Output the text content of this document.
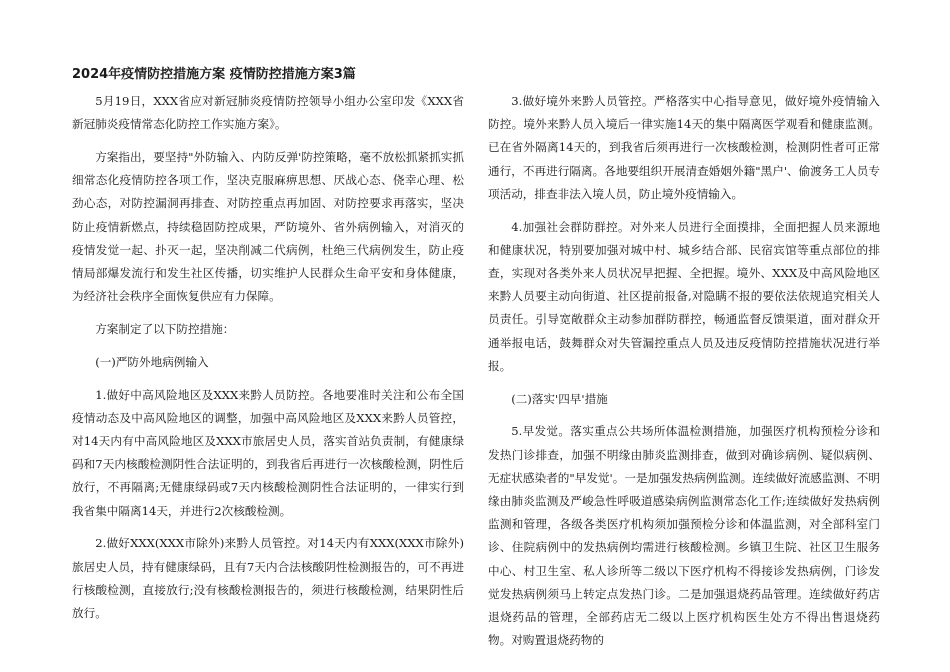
2024年疫情防控措施方案 疫情防控措施方案3篇

5月19日，XXX省应对新冠肺炎疫情防控领导小组办公室印发《XXX省新冠肺炎疫情常态化防控工作实施方案》。

方案指出，要坚持"外防输入、内防反弹'防控策略，毫不放松抓紧抓实抓细常态化疫情防控各项工作，坚决克服麻痹思想、厌战心态、侥幸心理、松劲心态，对防控漏洞再排查、对防控重点再加固、对防控要求再落实，坚决防止疫情新燃点，持续稳固防控成果，严防境外、省外病例输入，对消灭的疫情发觉一起、扑灭一起，坚决削减二代病例，杜绝三代病例发生，防止疫情局部爆发流行和发生社区传播，切实维护人民群众生命平安和身体健康，为经济社会秩序全面恢复供应有力保障。

方案制定了以下防控措施：

(一)严防外地病例输入

1.做好中高风险地区及XXX来黔人员防控。各地要准时关注和公布全国疫情动态及中高风险地区的调整，加强中高风险地区及XXX来黔人员管控，对14天内有中高风险地区及XXX市旅居史人员，落实首站负责制，有健康绿码和7天内核酸检测阴性合法证明的，到我省后再进行一次核酸检测，阴性后放行，不再隔离;无健康绿码或7天内核酸检测阴性合法证明的，一律实行到我省集中隔离14天，并进行2次核酸检测。

2.做好XXX(XXX市除外)来黔人员管控。对14天内有XXX(XXX市除外)旅居史人员，持有健康绿码，且有7天内合法核酸阴性检测报告的，可不再进行核酸检测，直接放行;没有核酸检测报告的，须进行核酸检测，结果阴性后放行。

3.做好境外来黔人员管控。严格落实中心指导意见，做好境外疫情输入防控。境外来黔人员入境后一律实施14天的集中隔离医学观看和健康监测。已在省外隔离14天的，到我省后须再进行一次核酸检测，检测阴性者可正常通行，不再进行隔离。各地要组织开展清查婚姻外籍"黑户'、偷渡务工人员专项活动，排查非法入境人员，防止境外疫情输入。

4.加强社会群防群控。对外来人员进行全面摸排，全面把握人员来源地和健康状况，特别要加强对城中村、城乡结合部、民宿宾馆等重点部位的排查，实现对各类外来人员状况早把握、全把握。境外、XXX及中高风险地区来黔人员要主动向街道、社区提前报备,对隐瞒不报的要依法依规追究相关人员责任。引导宽敞群众主动参加群防群控，畅通监督反馈渠道，面对群众开通举报电话，鼓舞群众对失管漏控重点人员及违反疫情防控措施状况进行举报。

(二)落实'四早'措施

5.早发觉。落实重点公共场所体温检测措施，加强医疗机构预检分诊和发热门诊排查，加强不明缘由肺炎监测排查，做到对确诊病例、疑似病例、无症状感染者的"早发觉'。一是加强发热病例监测。连续做好流感监测、不明缘由肺炎监测及严峻急性呼吸道感染病例监测常态化工作;连续做好发热病例监测和管理，各级各类医疗机构须加强预检分诊和体温监测，对全部科室门诊、住院病例中的发热病例均需进行核酸检测。乡镇卫生院、社区卫生服务中心、村卫生室、私人诊所等二级以下医疗机构不得接诊发热病例，门诊发觉发热病例须马上转定点发热门诊。二是加强退烧药品管理。连续做好药店退烧药品的管理，全部药店无二级以上医疗机构医生处方不得出售退烧药物。对购置退烧药物的
